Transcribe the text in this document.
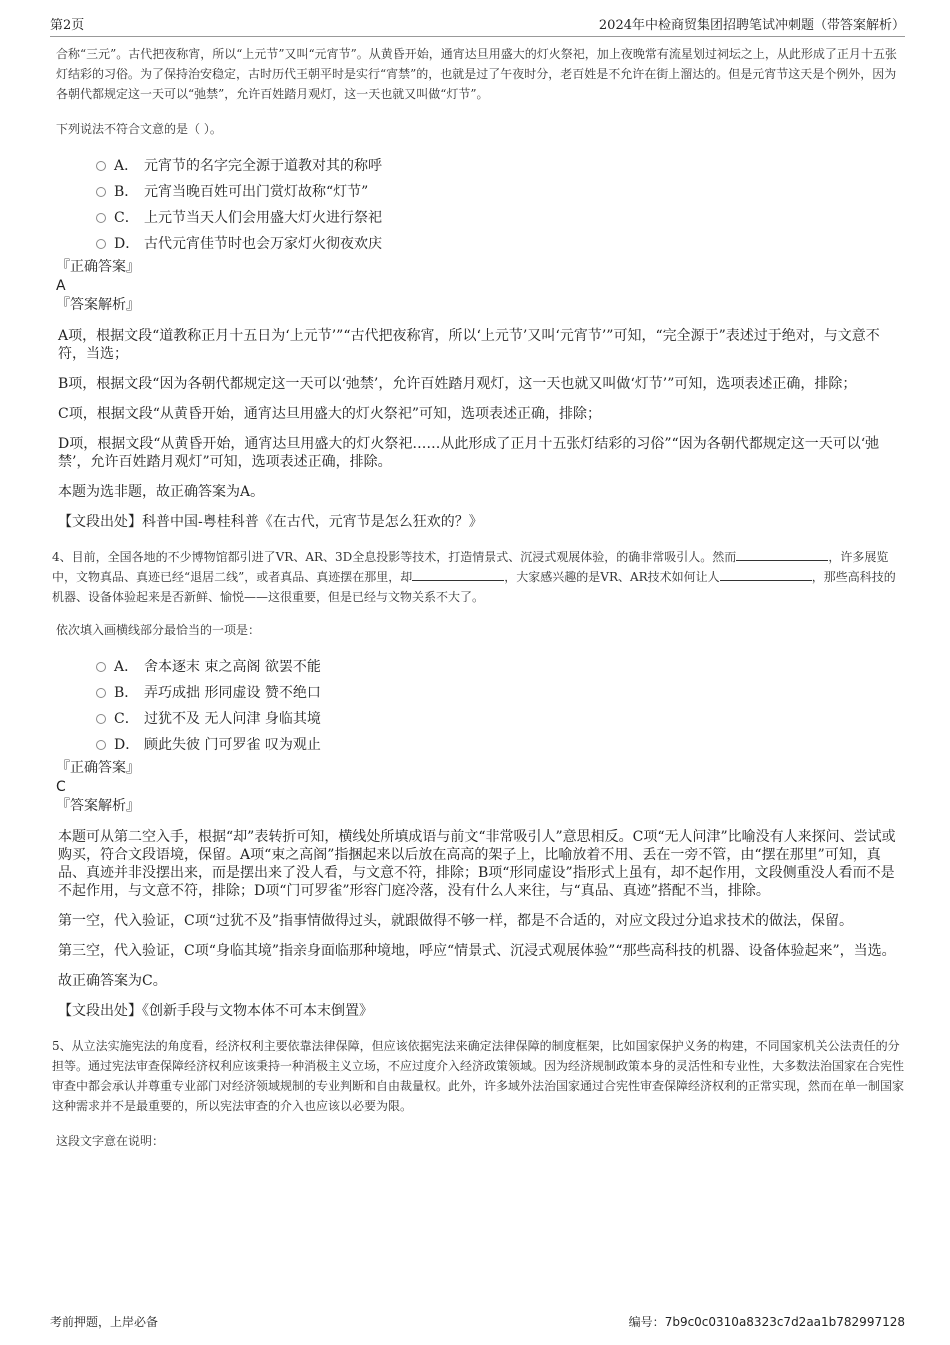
第2页	2024年中检商贸集团招聘笔试冲刺题（带答案解析）

合称“三元”。古代把夜称宵，所以“上元节”又叫“元宵节”。从黄昏开始，通宵达旦用盛大的灯火祭祀，加上夜晚常有流星划过祠坛之上，从此形成了正月十五张灯结彩的习俗。为了保持治安稳定，古时历代王朝平时是实行“宵禁”的，也就是过了午夜时分，老百姓是不允许在街上溜达的。但是元宵节这天是个例外，因为各朝代都规定这一天可以“弛禁”，允许百姓踏月观灯，这一天也就又叫做“灯节”。

下列说法不符合文意的是（ ）。

A． 元宵节的名字完全源于道教对其的称呼
B． 元宵当晚百姓可出门赏灯故称“灯节”
C． 上元节当天人们会用盛大灯火进行祭祀
D． 古代元宵佳节时也会万家灯火彻夜欢庆

『正确答案』

A

『答案解析』

A项，根据文段“道教称正月十五日为‘上元节’”“古代把夜称宵，所以‘上元节’又叫‘元宵节’”可知，“完全源于”表述过于绝对，与文意不符，当选；

B项，根据文段“因为各朝代都规定这一天可以‘弛禁’，允许百姓踏月观灯，这一天也就又叫做‘灯节’”可知，选项表述正确，排除；

C项，根据文段“从黄昏开始，通宵达旦用盛大的灯火祭祀”可知，选项表述正确，排除；

D项，根据文段“从黄昏开始，通宵达旦用盛大的灯火祭祀……从此形成了正月十五张灯结彩的习俗”“因为各朝代都规定这一天可以‘弛禁’，允许百姓踏月观灯”可知，选项表述正确，排除。

本题为选非题，故正确答案为A。

【文段出处】科普中国-粤桂科普《在古代，元宵节是怎么狂欢的？》

4、目前，全国各地的不少博物馆都引进了VR、AR、3D全息投影等技术，打造情景式、沉浸式观展体验，的确非常吸引人。然而	，许多展览中，文物真品、真迹已经“退居二线”，或者真品、真迹摆在那里，却	，大家感兴趣的是VR、AR技术如何让人	，那些高科技的机器、设备体验起来是否新鲜、愉悦——这很重要，但是已经与文物关系不大了。

依次填入画横线部分最恰当的一项是：

A． 舍本逐末 束之高阁 欲罢不能
B． 弄巧成拙 形同虚设 赞不绝口
C． 过犹不及 无人问津 身临其境
D． 顾此失彼 门可罗雀 叹为观止

『正确答案』

C

『答案解析』

本题可从第二空入手，根据“却”表转折可知，横线处所填成语与前文“非常吸引人”意思相反。C项“无人问津”比喻没有人来探问、尝试或购买，符合文段语境，保留。A项“束之高阁”指捆起来以后放在高高的架子上，比喻放着不用、丢在一旁不管，由“摆在那里”可知，真品、真迹并非没摆出来，而是摆出来了没人看，与文意不符，排除；B项“形同虚设”指形式上虽有，却不起作用，文段侧重没人看而不是不起作用，与文意不符，排除；D项“门可罗雀”形容门庭冷落，没有什么人来往，与“真品、真迹”搭配不当，排除。

第一空，代入验证，C项“过犹不及”指事情做得过头，就跟做得不够一样，都是不合适的，对应文段过分追求技术的做法，保留。

第三空，代入验证，C项“身临其境”指亲身面临那种境地，呼应“情景式、沉浸式观展体验”“那些高科技的机器、设备体验起来”，当选。

故正确答案为C。

【文段出处】《创新手段与文物本体不可本末倒置》

5、从立法实施宪法的角度看，经济权利主要依靠法律保障，但应该依据宪法来确定法律保障的制度框架，比如国家保护义务的构建，不同国家机关公法责任的分担等。通过宪法审查保障经济权利应该秉持一种消极主义立场，不应过度介入经济政策领域。因为经济规制政策本身的灵活性和专业性，大多数法治国家在合宪性审查中都会承认并尊重专业部门对经济领域规制的专业判断和自由裁量权。此外，许多域外法治国家通过合宪性审查保障经济权利的正常实现，然而在单一制国家这种需求并不是最重要的，所以宪法审查的介入也应该以必要为限。

这段文字意在说明：

考前押题，上岸必备	编号：7b9c0c0310a8323c7d2aa1b782997128
